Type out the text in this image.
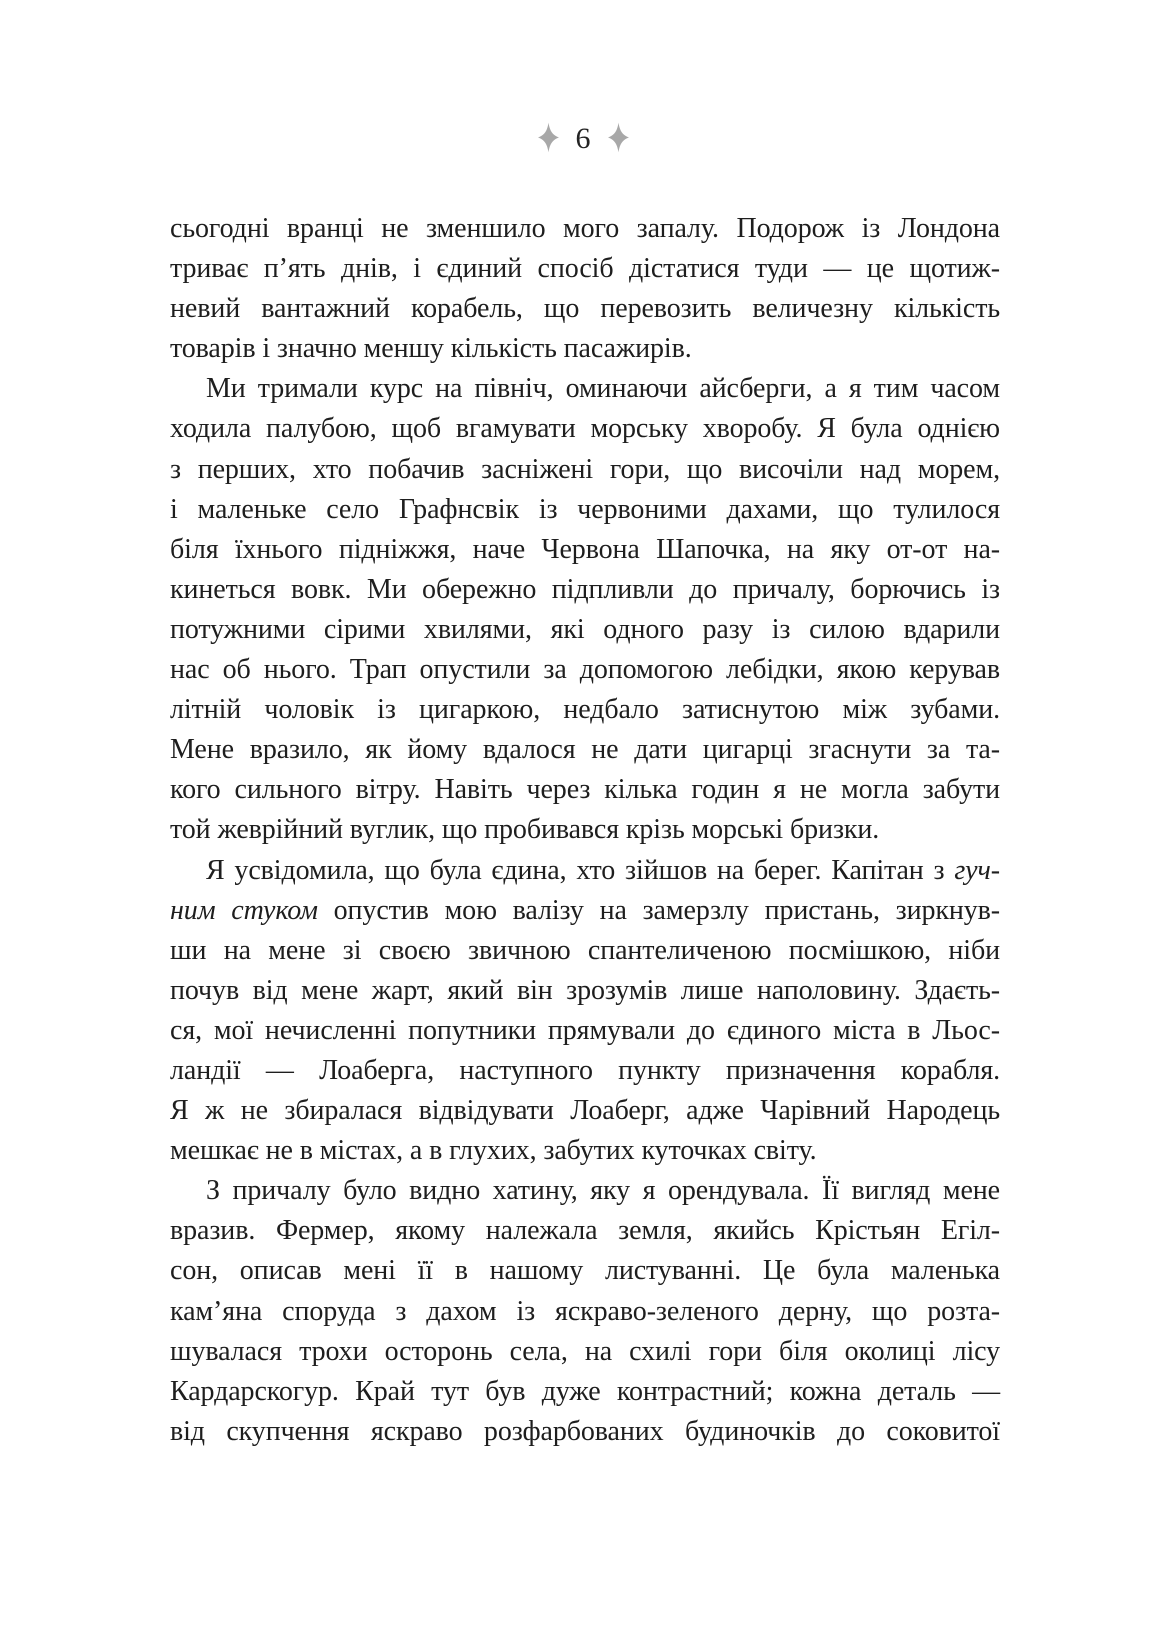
6
сьогодні вранці не зменшило мого запалу. Подорож із Лондона
триває п’ять днів, і єдиний спосіб дістатися туди — це щотиж-
невий вантажний корабель, що перевозить величезну кількість
товарів і значно меншу кількість пасажирів.
Ми тримали курс на північ, оминаючи айсберги, а я тим часом
ходила палубою, щоб вгамувати морську хворобу. Я була однією
з перших, хто побачив засніжені гори, що височіли над морем,
і маленьке село Графнсвік із червоними дахами, що тулилося
біля їхнього підніжжя, наче Червона Шапочка, на яку от-от на-
кинеться вовк. Ми обережно підпливли до причалу, борючись із
потужними сірими хвилями, які одного разу із силою вдарили
нас об нього. Трап опустили за допомогою лебідки, якою керував
літній чоловік із цигаркою, недбало затиснутою між зубами.
Мене вразило, як йому вдалося не дати цигарці згаснути за та-
кого сильного вітру. Навіть через кілька годин я не могла забути
той жеврійний вуглик, що пробивався крізь морські бризки.
Я усвідомила, що була єдина, хто зійшов на берег. Капітан з гуч-
ним стуком опустив мою валізу на замерзлу пристань, зиркнув-
ши на мене зі своєю звичною спантеличеною посмішкою, ніби
почув від мене жарт, який він зрозумів лише наполовину. Здаєть-
ся, мої нечисленні попутники прямували до єдиного міста в Льос-
ландії — Лоаберга, наступного пункту призначення корабля.
Я ж не збиралася відвідувати Лоаберг, адже Чарівний Народець
мешкає не в містах, а в глухих, забутих куточках світу.
З причалу було видно хатину, яку я орендувала. Її вигляд мене
вразив. Фермер, якому належала земля, якийсь Крістьян Егіл-
сон, описав мені її в нашому листуванні. Це була маленька
кам’яна споруда з дахом із яскраво-зеленого дерну, що розта-
шувалася трохи осторонь села, на схилі гори біля околиці лісу
Кардарскогур. Край тут був дуже контрастний; кожна деталь —
від скупчення яскраво розфарбованих будиночків до соковитої
